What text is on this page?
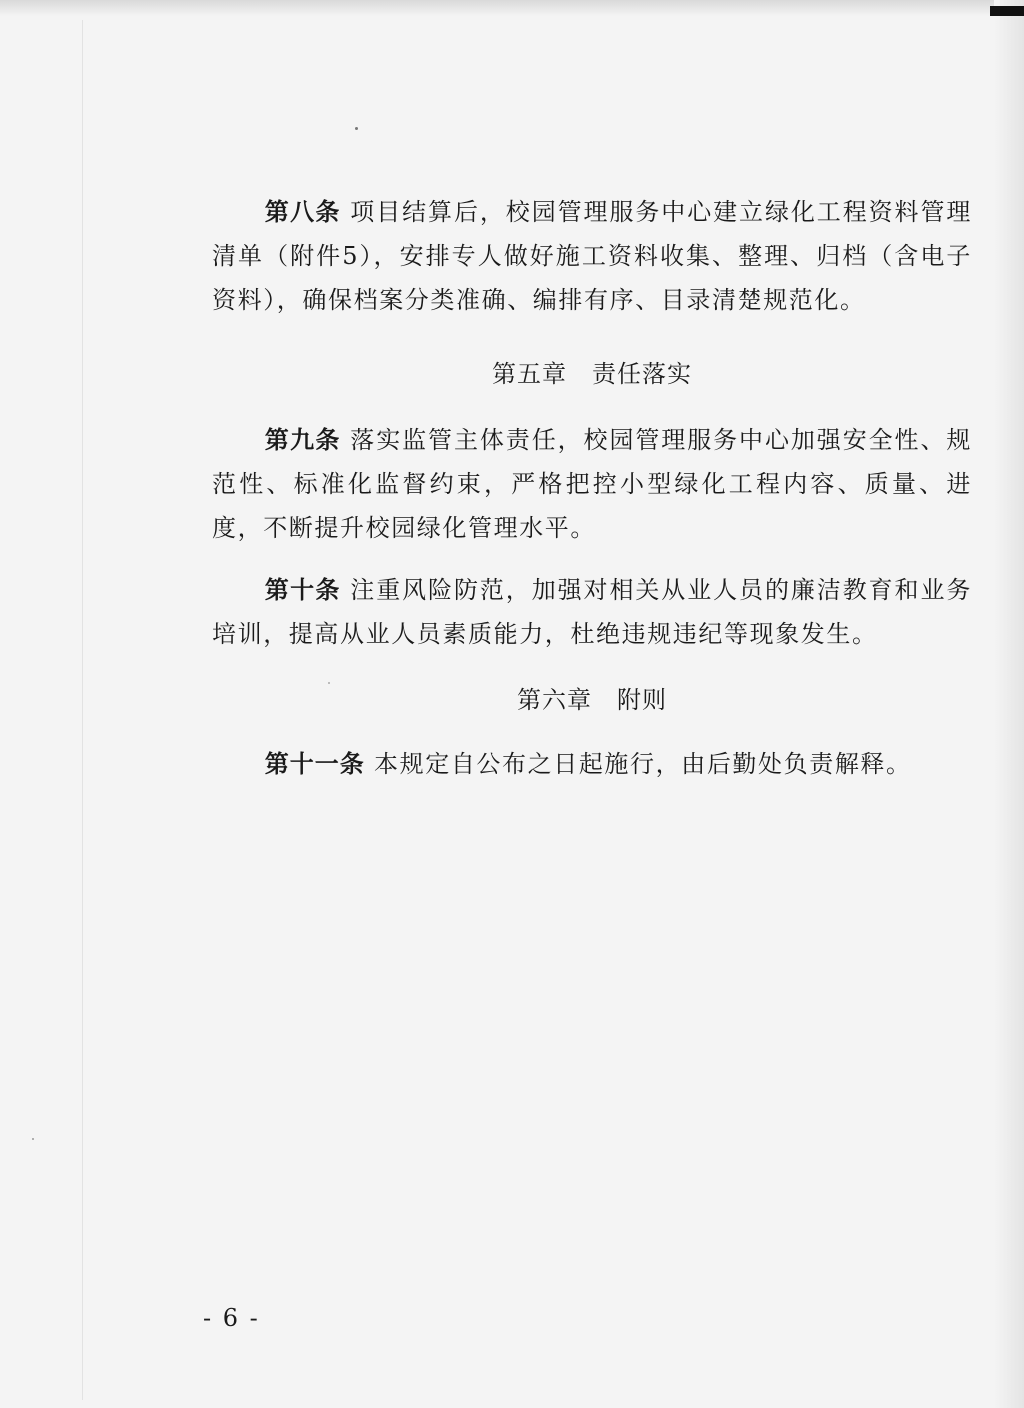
第八条 项目结算后，校园管理服务中心建立绿化工程资料管理清单（附件5），安排专人做好施工资料收集、整理、归档（含电子资料），确保档案分类准确、编排有序、目录清楚规范化。

第五章　责任落实

第九条 落实监管主体责任，校园管理服务中心加强安全性、规范性、标准化监督约束，严格把控小型绿化工程内容、质量、进度，不断提升校园绿化管理水平。

第十条 注重风险防范，加强对相关从业人员的廉洁教育和业务培训，提高从业人员素质能力，杜绝违规违纪等现象发生。

第六章　附则

第十一条 本规定自公布之日起施行，由后勤处负责解释。

- 6 -
